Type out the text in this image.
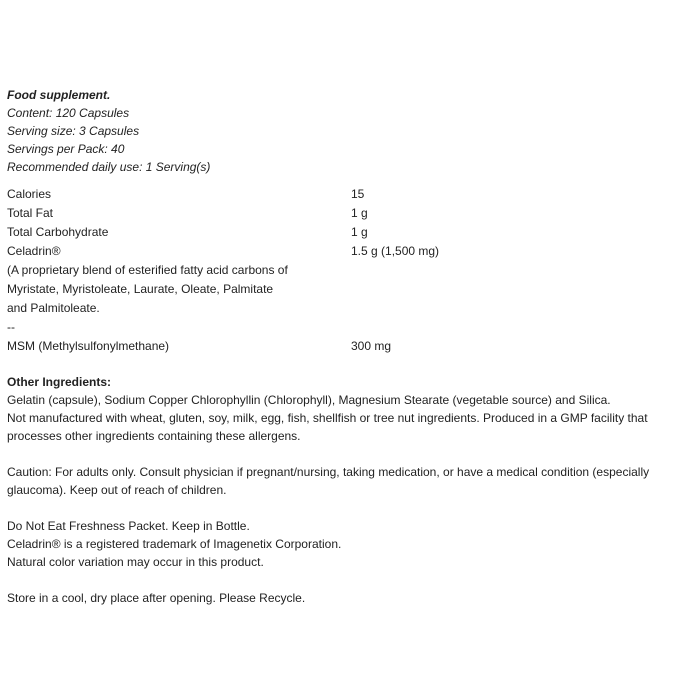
Food supplement.
Content: 120 Capsules
Serving size: 3 Capsules
Servings per Pack: 40
Recommended daily use: 1 Serving(s)
Calories	15
Total Fat	1 g
Total Carbohydrate	1 g
Celadrin®	1.5 g (1,500 mg)

(A proprietary blend of esterified fatty acid carbons of
Myristate, Myristoleate, Laurate, Oleate, Palmitate
and Palmitoleate.	

--	
MSM (Methylsulfonylmethane)	300 mg
Other Ingredients:
Gelatin (capsule), Sodium Copper Chlorophyllin (Chlorophyll), Magnesium Stearate (vegetable source) and Silica.
Not manufactured with wheat, gluten, soy, milk, egg, fish, shellfish or tree nut ingredients. Produced in a GMP facility that
processes other ingredients containing these allergens.
Caution: For adults only. Consult physician if pregnant/nursing, taking medication, or have a medical condition (especially
glaucoma). Keep out of reach of children.
Do Not Eat Freshness Packet. Keep in Bottle.
Celadrin® is a registered trademark of Imagenetix Corporation.
Natural color variation may occur in this product.
Store in a cool, dry place after opening. Please Recycle.
